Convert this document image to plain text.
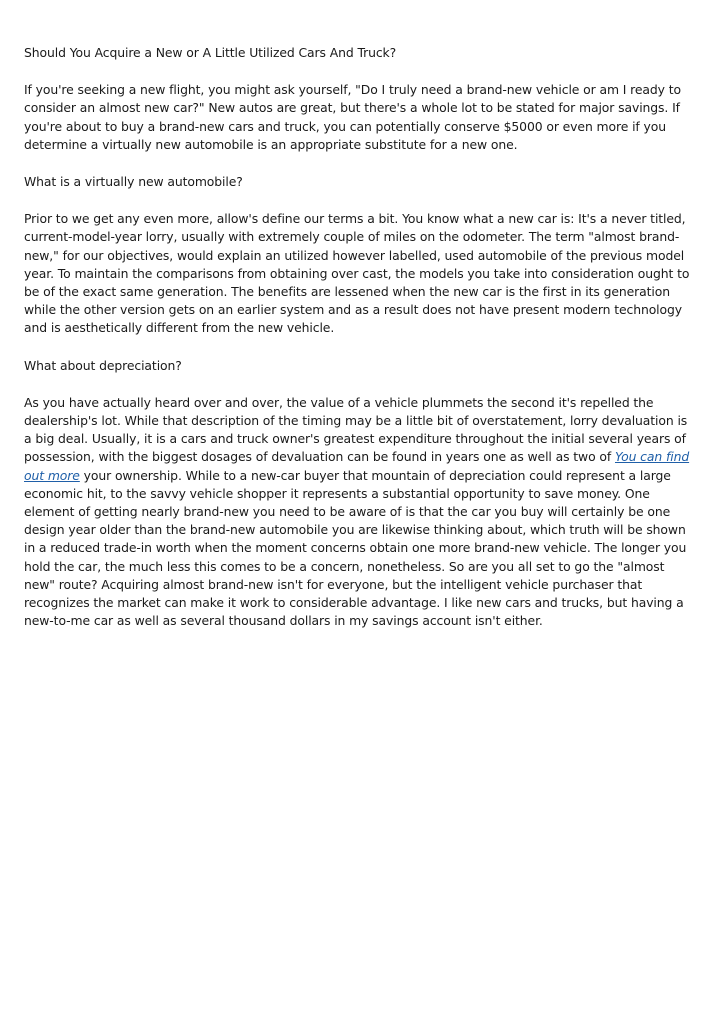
Should You Acquire a New or A Little Utilized Cars And Truck?

If you're seeking a new flight, you might ask yourself, "Do I truly need a brand-new vehicle or am I ready to consider an almost new car?" New autos are great, but there's a whole lot to be stated for major savings. If you're about to buy a brand-new cars and truck, you can potentially conserve $5000 or even more if you determine a virtually new automobile is an appropriate substitute for a new one.

What is a virtually new automobile?

Prior to we get any even more, allow's define our terms a bit. You know what a new car is: It's a never titled, current-model-year lorry, usually with extremely couple of miles on the odometer. The term "almost brand-new," for our objectives, would explain an utilized however labelled, used automobile of the previous model year. To maintain the comparisons from obtaining over cast, the models you take into consideration ought to be of the exact same generation. The benefits are lessened when the new car is the first in its generation while the other version gets on an earlier system and as a result does not have present modern technology and is aesthetically different from the new vehicle.

What about depreciation?

As you have actually heard over and over, the value of a vehicle plummets the second it's repelled the dealership's lot. While that description of the timing may be a little bit of overstatement, lorry devaluation is a big deal. Usually, it is a cars and truck owner's greatest expenditure throughout the initial several years of possession, with the biggest dosages of devaluation can be found in years one as well as two of You can find out more your ownership. While to a new-car buyer that mountain of depreciation could represent a large economic hit, to the savvy vehicle shopper it represents a substantial opportunity to save money. One element of getting nearly brand-new you need to be aware of is that the car you buy will certainly be one design year older than the brand-new automobile you are likewise thinking about, which truth will be shown in a reduced trade-in worth when the moment concerns obtain one more brand-new vehicle. The longer you hold the car, the much less this comes to be a concern, nonetheless. So are you all set to go the "almost new" route? Acquiring almost brand-new isn't for everyone, but the intelligent vehicle purchaser that recognizes the market can make it work to considerable advantage. I like new cars and trucks, but having a new-to-me car as well as several thousand dollars in my savings account isn't either.
